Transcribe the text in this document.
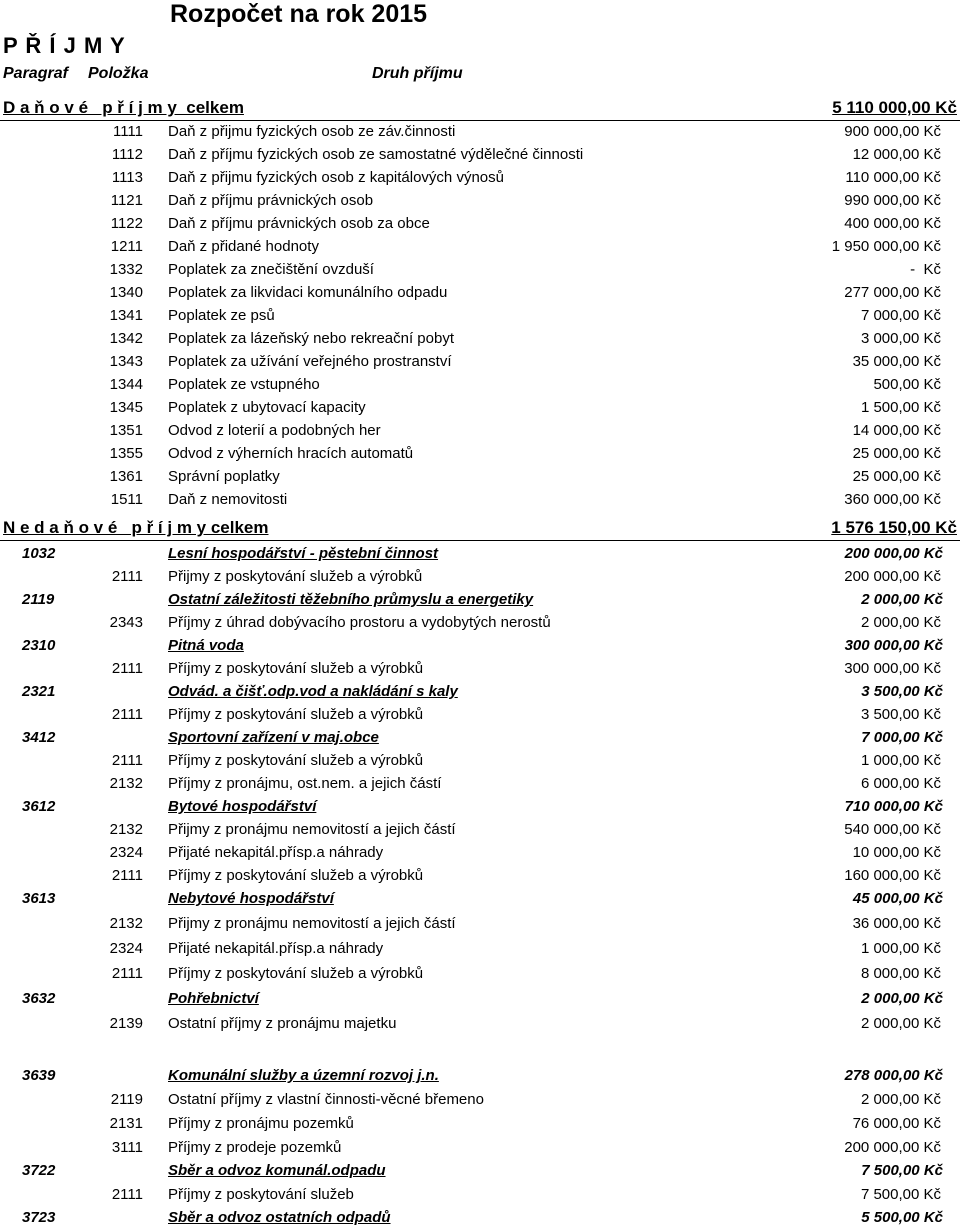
Rozpočet na rok 2015
P Ř Í J M Y
Paragraf Položka	Druh příjmu
D a ň o v é   p ř í j m y  celkem	5 110 000,00 Kč
1111 Daň z přijmu fyzických osob ze záv.činnosti	900 000,00 Kč
1112 Daň z příjmu fyzických osob ze samostatné výdělečné činnosti	12 000,00 Kč
1113 Daň z přijmu fyzických osob z kapitálových výnosů	110 000,00 Kč
1121 Daň z příjmu právnických osob	990 000,00 Kč
1122 Daň z příjmu právnických osob za obce	400 000,00 Kč
1211 Daň z přidané hodnoty	1 950 000,00 Kč
1332 Poplatek za znečištění ovzduší	-  Kč
1340 Poplatek za likvidaci komunálního odpadu	277 000,00 Kč
1341 Poplatek ze psů	7 000,00 Kč
1342 Poplatek za lázeňský nebo rekreační pobyt	3 000,00 Kč
1343 Poplatek za užívání veřejného prostranství	35 000,00 Kč
1344 Poplatek ze vstupného	500,00 Kč
1345 Poplatek z ubytovací kapacity	1 500,00 Kč
1351 Odvod z loterií a podobných her	14 000,00 Kč
1355 Odvod z výherních hracích automatů	25 000,00 Kč
1361 Správní poplatky	25 000,00 Kč
1511 Daň z nemovitosti	360 000,00 Kč
N e d a ň o v é   p ř í j m y celkem	1 576 150,00 Kč
1032	Lesní hospodářství - pěstební činnost	200 000,00 Kč
2111 Přijmy z poskytování služeb a výrobků	200 000,00 Kč
2119	Ostatní záležitosti těžebního průmyslu a energetiky	2 000,00 Kč
2343 Příjmy z úhrad dobývacího prostoru a vydobytých nerostů	2 000,00 Kč
2310	Pitná voda	300 000,00 Kč
2111 Příjmy z poskytování služeb a výrobků	300 000,00 Kč
2321	Odvád. a čišť.odp.vod a nakládání s kaly	3 500,00 Kč
2111 Příjmy z poskytování služeb a výrobků	3 500,00 Kč
3412	Sportovní zařízení v maj.obce	7 000,00 Kč
2111 Příjmy z poskytování služeb a výrobků	1 000,00 Kč
2132 Příjmy z pronájmu, ost.nem. a jejich částí	6 000,00 Kč
3612	Bytové hospodářství	710 000,00 Kč
2132 Přijmy z pronájmu nemovitostí a jejich částí	540 000,00 Kč
2324 Přijaté nekapitál.přísp.a náhrady	10 000,00 Kč
2111 Příjmy z poskytování služeb a výrobků	160 000,00 Kč
3613	Nebytové hospodářství	45 000,00 Kč
2132 Přijmy z pronájmu nemovitostí a jejich částí	36 000,00 Kč
2324 Přijaté nekapitál.přísp.a náhrady	1 000,00 Kč
2111 Příjmy z poskytování služeb a výrobků	8 000,00 Kč
3632	Pohřebnictví	2 000,00 Kč
2139 Ostatní příjmy z pronájmu majetku	2 000,00 Kč
3639	Komunální služby a územní rozvoj j.n.	278 000,00 Kč
2119 Ostatní příjmy z vlastní činnosti-věcné břemeno	2 000,00 Kč
2131 Příjmy z pronájmu pozemků	76 000,00 Kč
3111 Příjmy z prodeje pozemků	200 000,00 Kč
3722	Sběr a odvoz komunál.odpadu	7 500,00 Kč
2111 Příjmy z poskytování služeb	7 500,00 Kč
3723	Sběr a odvoz ostatních odpadů	5 500,00 Kč
